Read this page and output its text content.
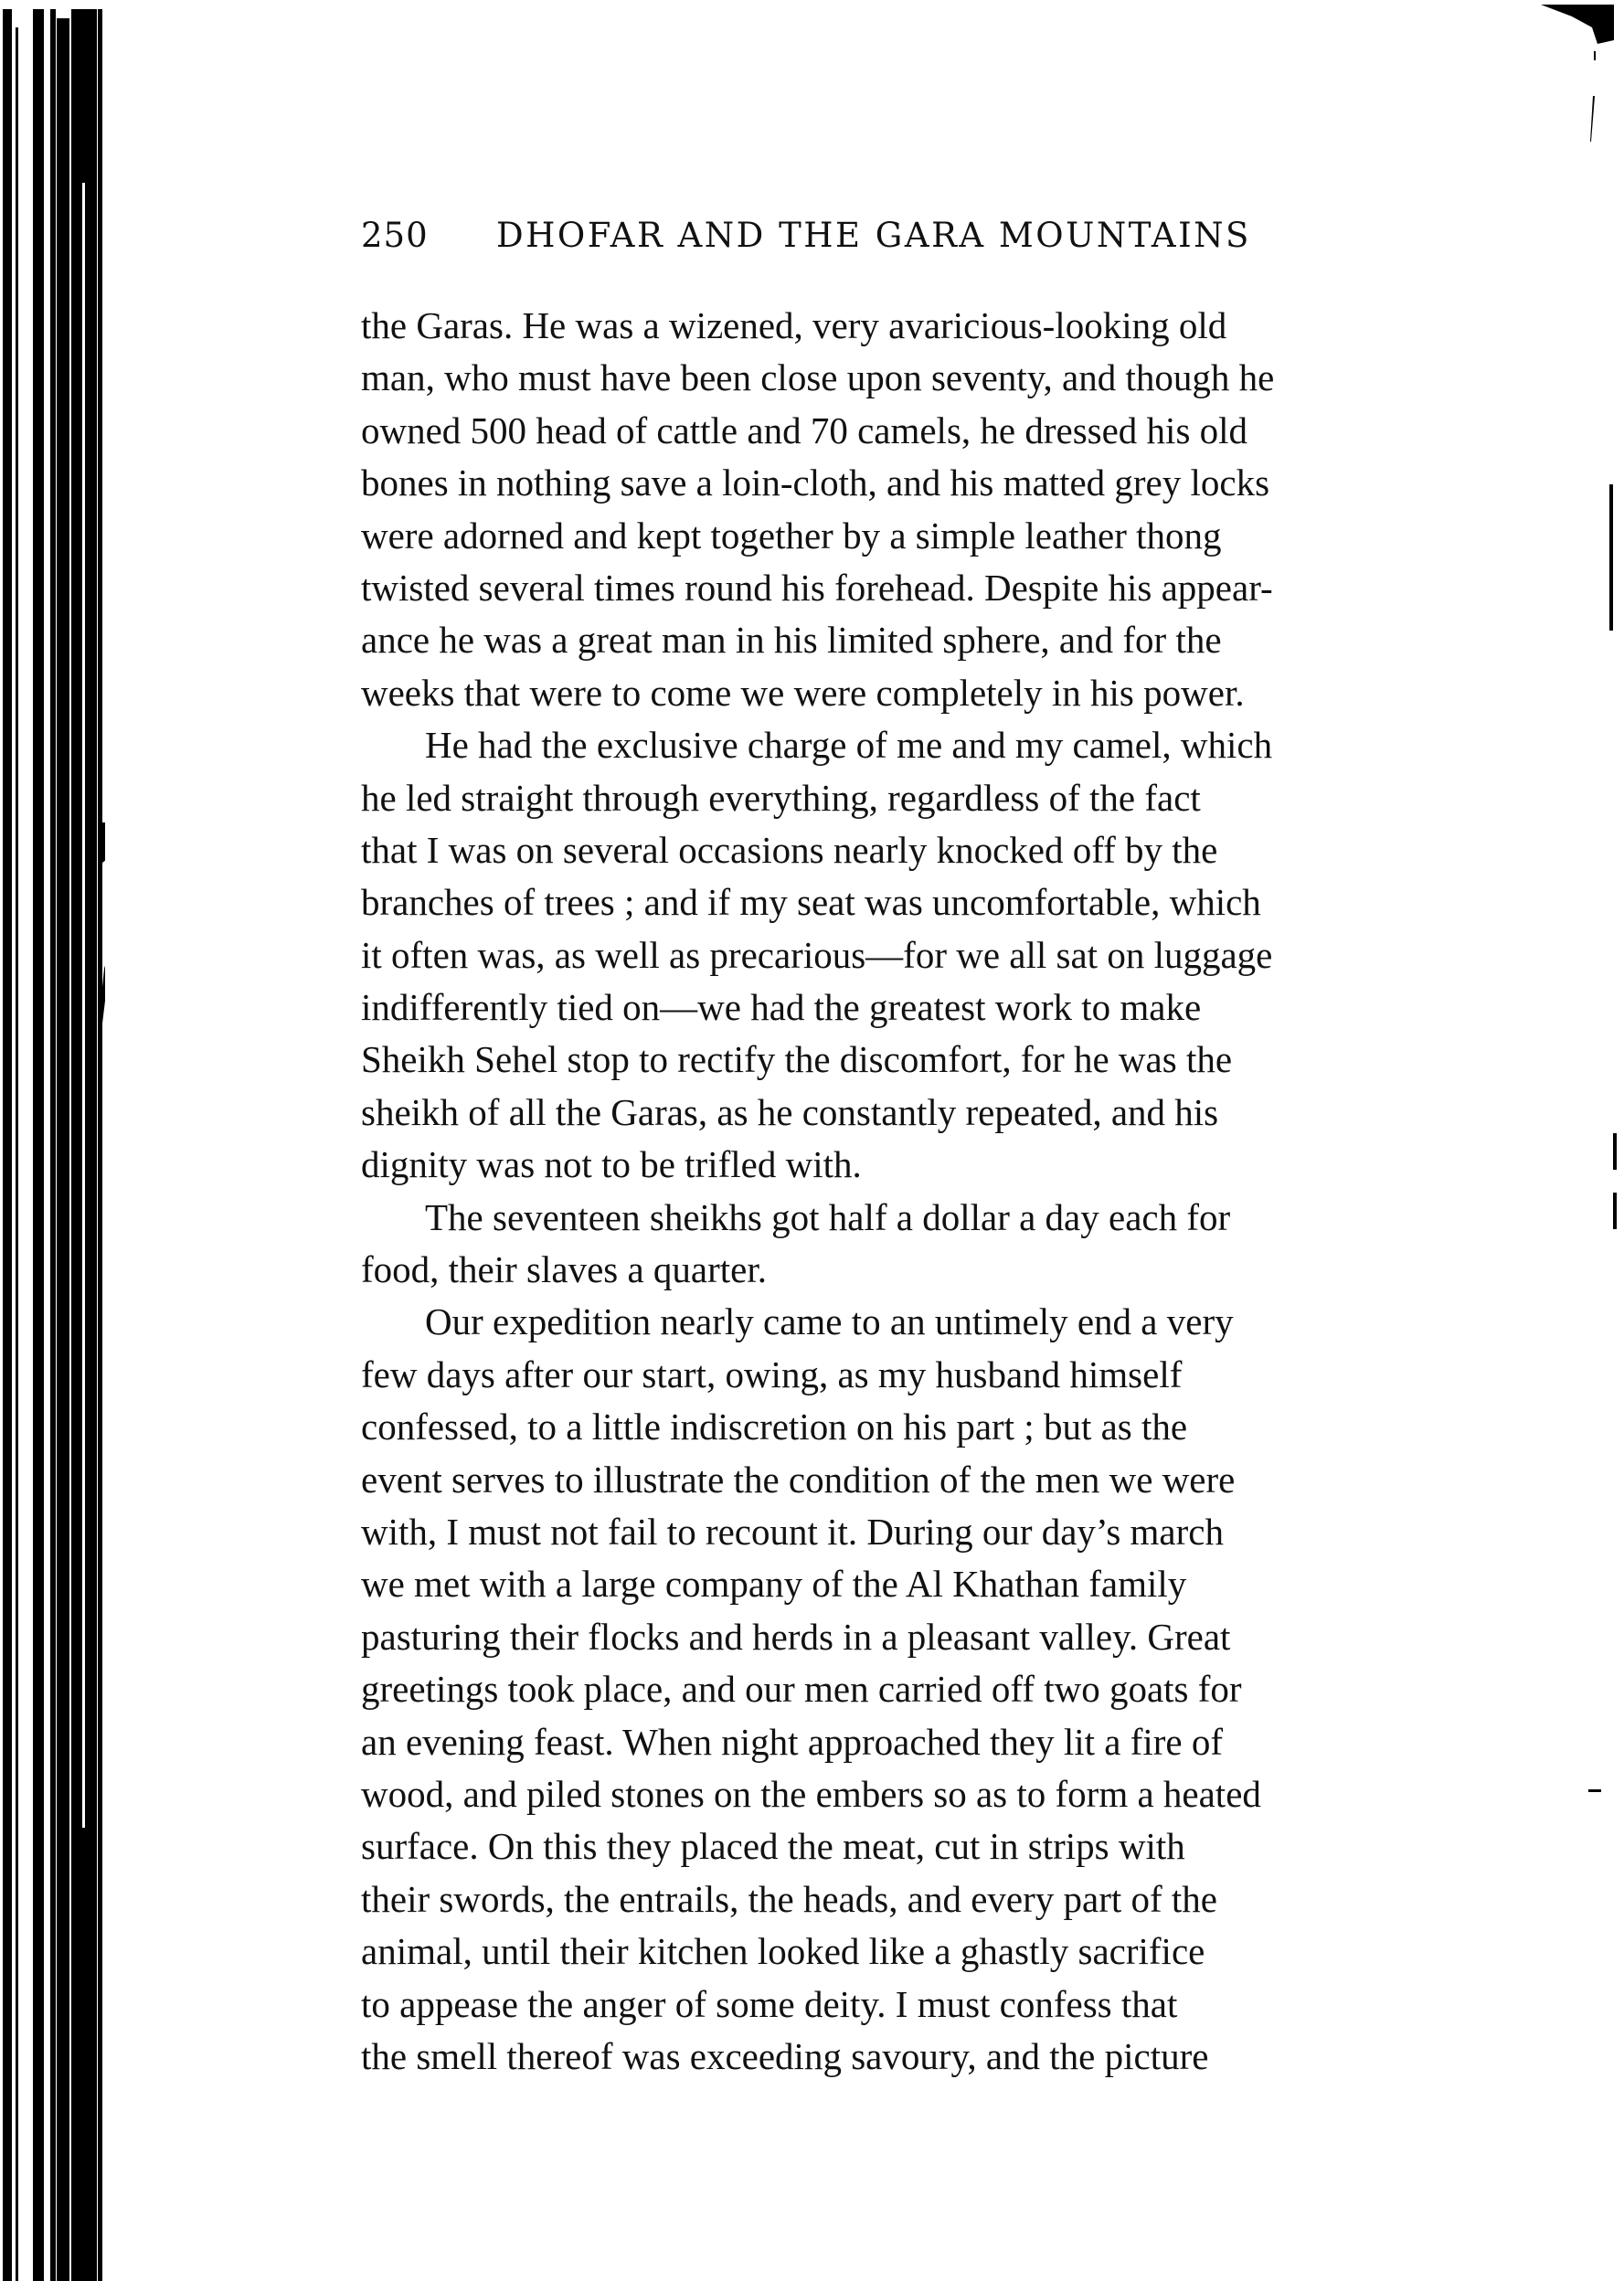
250 DHOFAR AND THE GARA MOUNTAINS
the Garas. He was a wizened, very avaricious-looking old
man, who must have been close upon seventy, and though he
owned 500 head of cattle and 70 camels, he dressed his old
bones in nothing save a loin-cloth, and his matted grey locks
were adorned and kept together by a simple leather thong
twisted several times round his forehead. Despite his appear-
ance he was a great man in his limited sphere, and for the
weeks that were to come we were completely in his power.
He had the exclusive charge of me and my camel, which
he led straight through everything, regardless of the fact
that I was on several occasions nearly knocked off by the
branches of trees ; and if my seat was uncomfortable, which
it often was, as well as precarious—for we all sat on luggage
indifferently tied on—we had the greatest work to make
Sheikh Sehel stop to rectify the discomfort, for he was the
sheikh of all the Garas, as he constantly repeated, and his
dignity was not to be trifled with.
The seventeen sheikhs got half a dollar a day each for
food, their slaves a quarter.
Our expedition nearly came to an untimely end a very
few days after our start, owing, as my husband himself
confessed, to a little indiscretion on his part ; but as the
event serves to illustrate the condition of the men we were
with, I must not fail to recount it. During our day’s march
we met with a large company of the Al Khathan family
pasturing their flocks and herds in a pleasant valley. Great
greetings took place, and our men carried off two goats for
an evening feast. When night approached they lit a fire of
wood, and piled stones on the embers so as to form a heated
surface. On this they placed the meat, cut in strips with
their swords, the entrails, the heads, and every part of the
animal, until their kitchen looked like a ghastly sacrifice
to appease the anger of some deity. I must confess that
the smell thereof was exceeding savoury, and the picture
